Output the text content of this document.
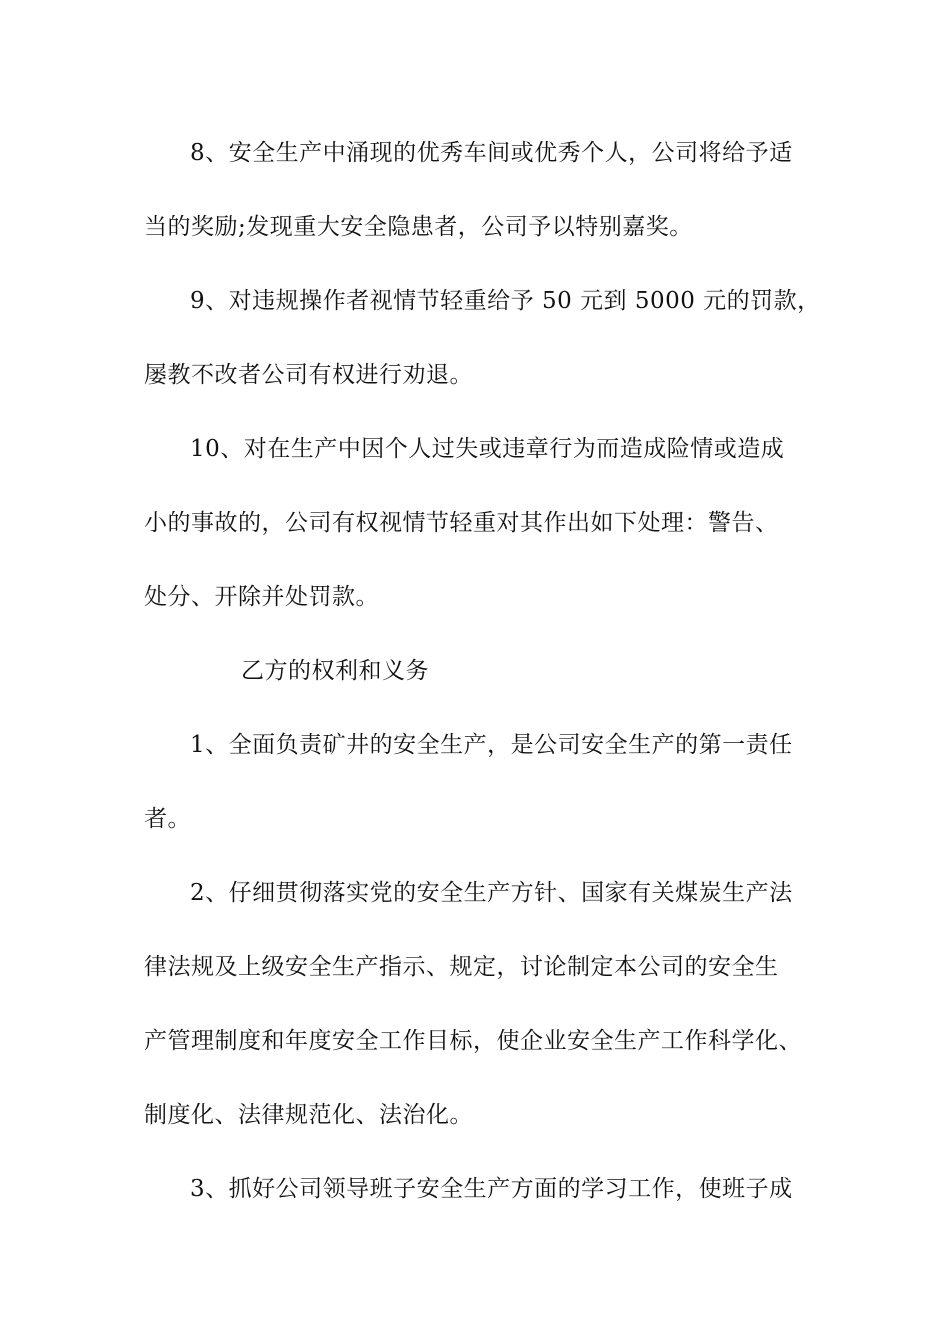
8、安全生产中涌现的优秀车间或优秀个人，公司将给予适
当的奖励;发现重大安全隐患者，公司予以特别嘉奖。
9、对违规操作者视情节轻重给予 50 元到 5000 元的罚款，
屡教不改者公司有权进行劝退。
10、对在生产中因个人过失或违章行为而造成险情或造成
小的事故的，公司有权视情节轻重对其作出如下处理：警告、
处分、开除并处罚款。
乙方的权利和义务
1、全面负责矿井的安全生产，是公司安全生产的第一责任
者。
2、仔细贯彻落实党的安全生产方针、国家有关煤炭生产法
律法规及上级安全生产指示、规定，讨论制定本公司的安全生
产管理制度和年度安全工作目标，使企业安全生产工作科学化、
制度化、法律规范化、法治化。
3、抓好公司领导班子安全生产方面的学习工作，使班子成
